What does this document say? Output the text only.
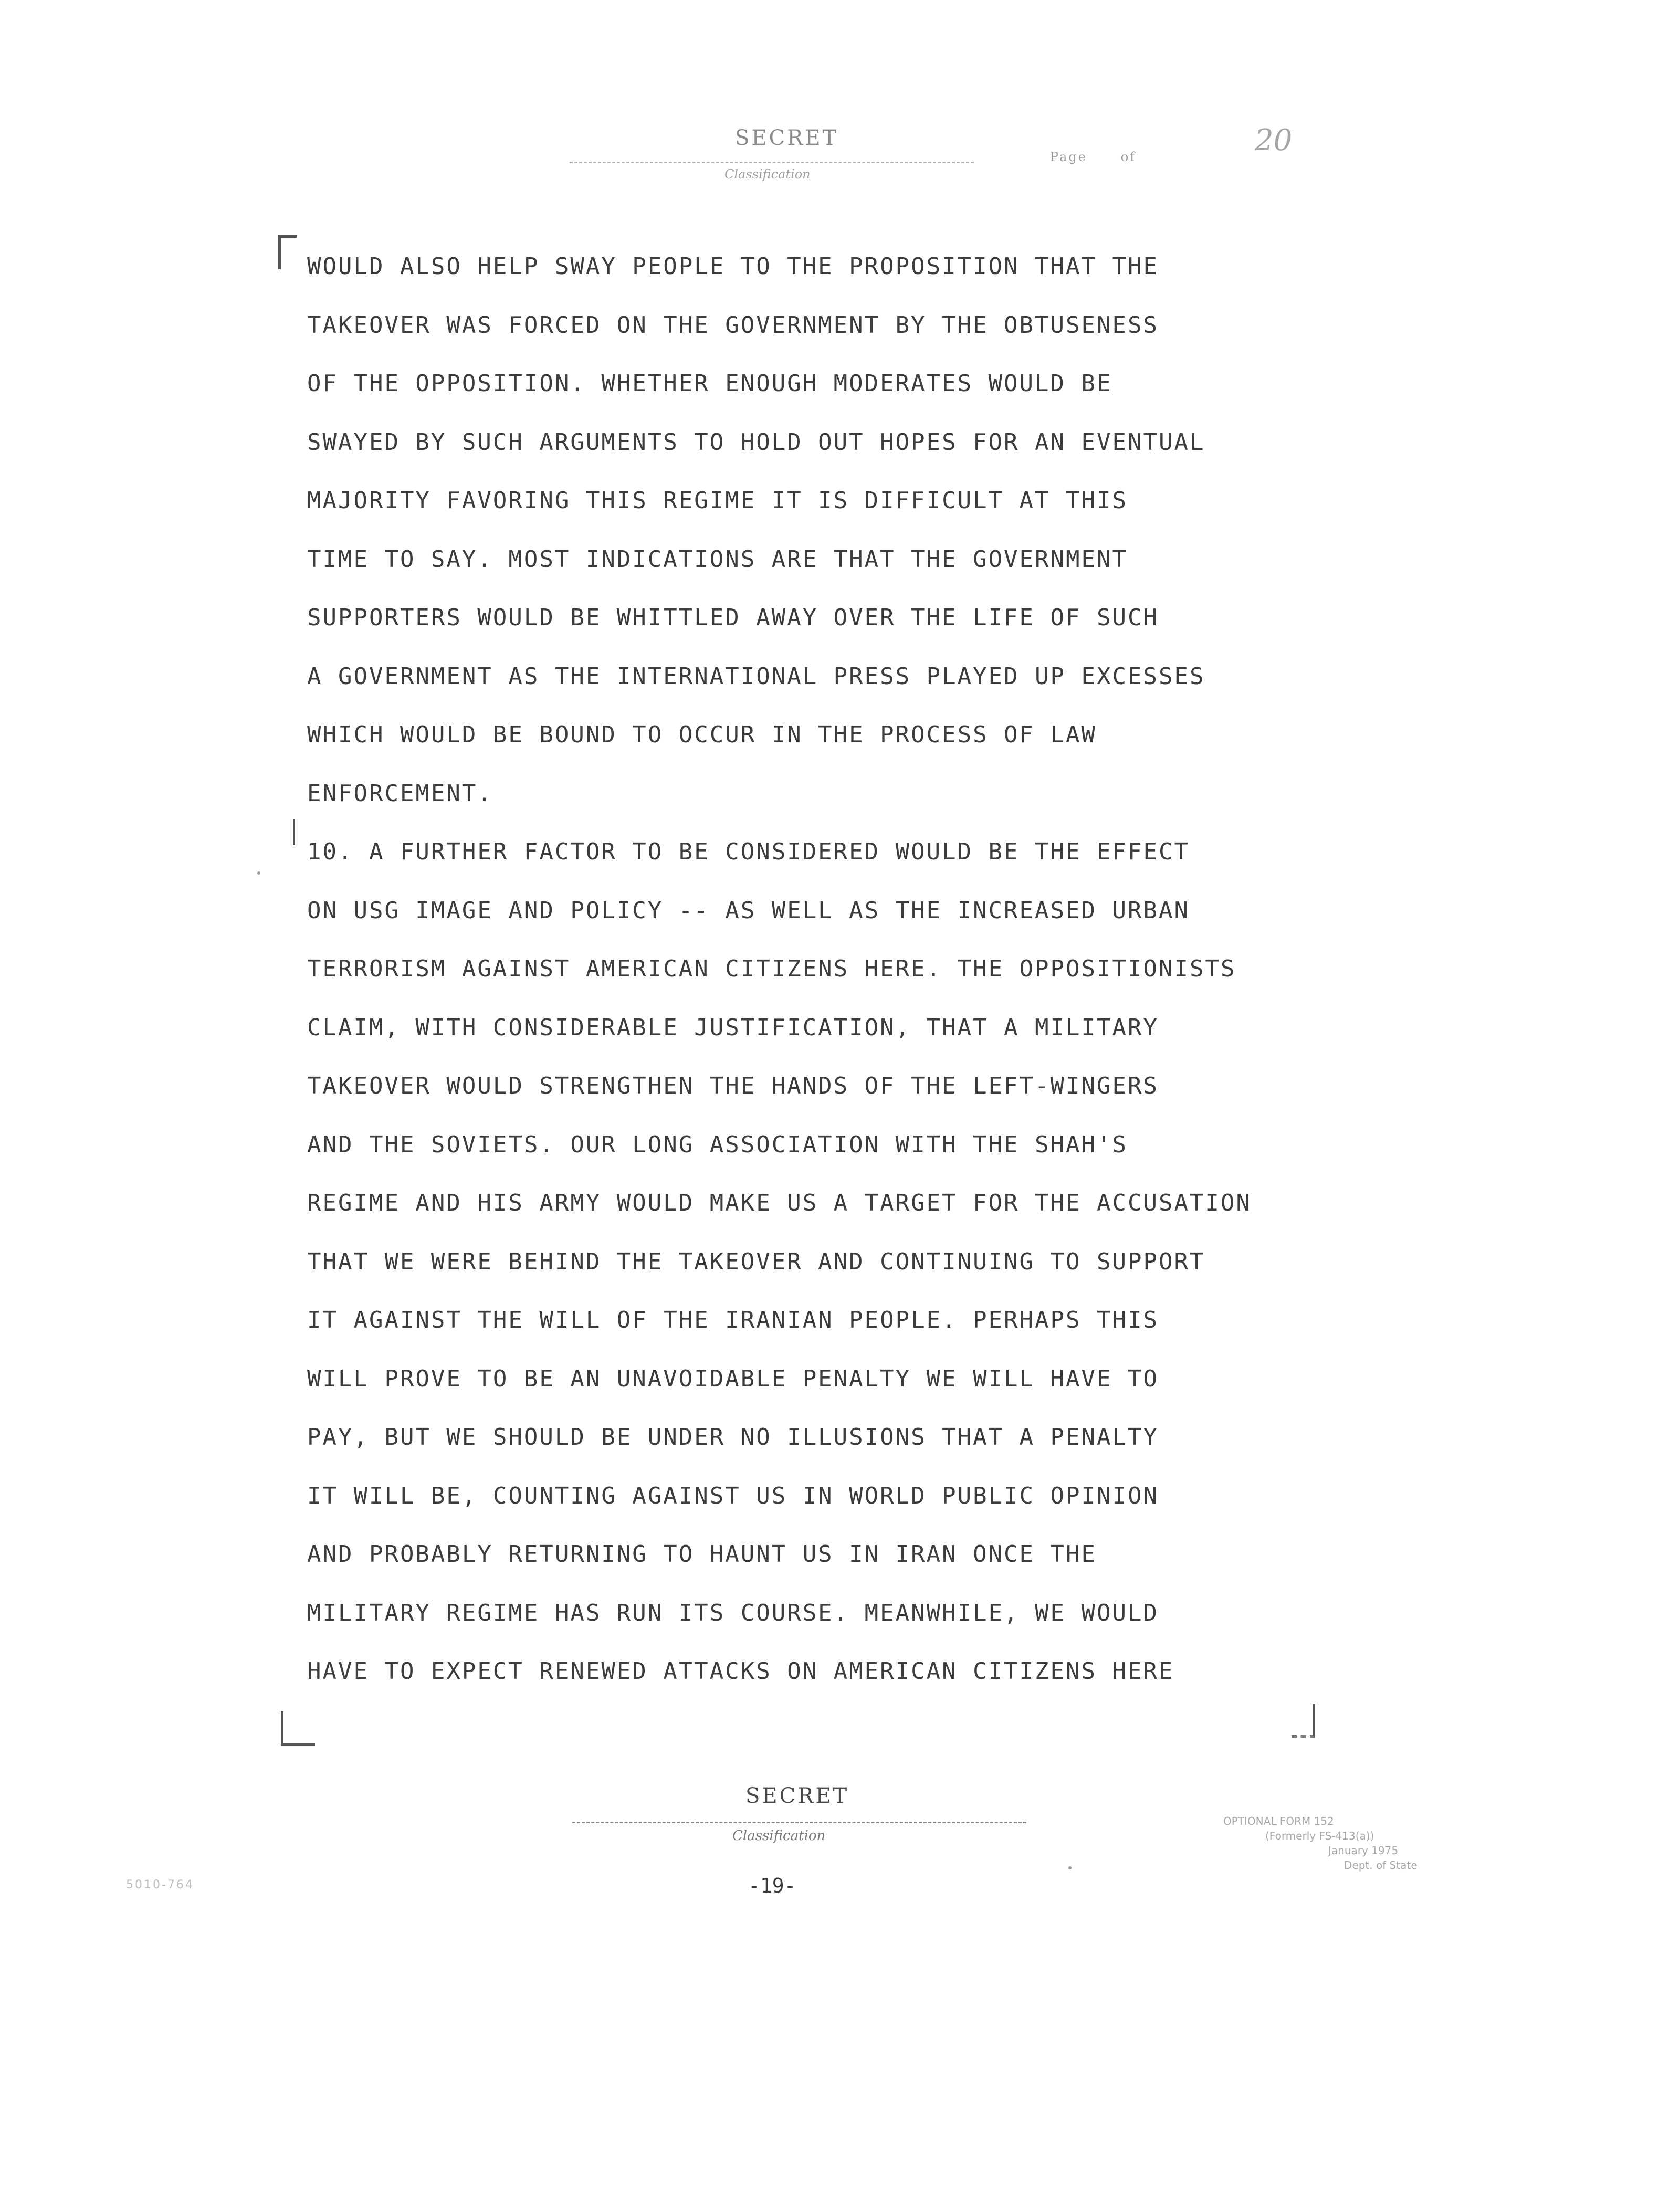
SECRET
Classification
Page	of	20
WOULD ALSO HELP SWAY PEOPLE TO THE PROPOSITION THAT THE
TAKEOVER WAS FORCED ON THE GOVERNMENT BY THE OBTUSENESS
OF THE OPPOSITION. WHETHER ENOUGH MODERATES WOULD BE
SWAYED BY SUCH ARGUMENTS TO HOLD OUT HOPES FOR AN EVENTUAL
MAJORITY FAVORING THIS REGIME IT IS DIFFICULT AT THIS
TIME TO SAY. MOST INDICATIONS ARE THAT THE GOVERNMENT
SUPPORTERS WOULD BE WHITTLED AWAY OVER THE LIFE OF SUCH
A GOVERNMENT AS THE INTERNATIONAL PRESS PLAYED UP EXCESSES
WHICH WOULD BE BOUND TO OCCUR IN THE PROCESS OF LAW
ENFORCEMENT.
10. A FURTHER FACTOR TO BE CONSIDERED WOULD BE THE EFFECT
ON USG IMAGE AND POLICY -- AS WELL AS THE INCREASED URBAN
TERRORISM AGAINST AMERICAN CITIZENS HERE. THE OPPOSITIONISTS
CLAIM, WITH CONSIDERABLE JUSTIFICATION, THAT A MILITARY
TAKEOVER WOULD STRENGTHEN THE HANDS OF THE LEFT-WINGERS
AND THE SOVIETS. OUR LONG ASSOCIATION WITH THE SHAH'S
REGIME AND HIS ARMY WOULD MAKE US A TARGET FOR THE ACCUSATION
THAT WE WERE BEHIND THE TAKEOVER AND CONTINUING TO SUPPORT
IT AGAINST THE WILL OF THE IRANIAN PEOPLE. PERHAPS THIS
WILL PROVE TO BE AN UNAVOIDABLE PENALTY WE WILL HAVE TO
PAY, BUT WE SHOULD BE UNDER NO ILLUSIONS THAT A PENALTY
IT WILL BE, COUNTING AGAINST US IN WORLD PUBLIC OPINION
AND PROBABLY RETURNING TO HAUNT US IN IRAN ONCE THE
MILITARY REGIME HAS RUN ITS COURSE. MEANWHILE, WE WOULD
HAVE TO EXPECT RENEWED ATTACKS ON AMERICAN CITIZENS HERE
SECRET
Classification
-19-
5010-764
OPTIONAL FORM 152
(Formerly FS-413(a))
January 1975
Dept. of State
